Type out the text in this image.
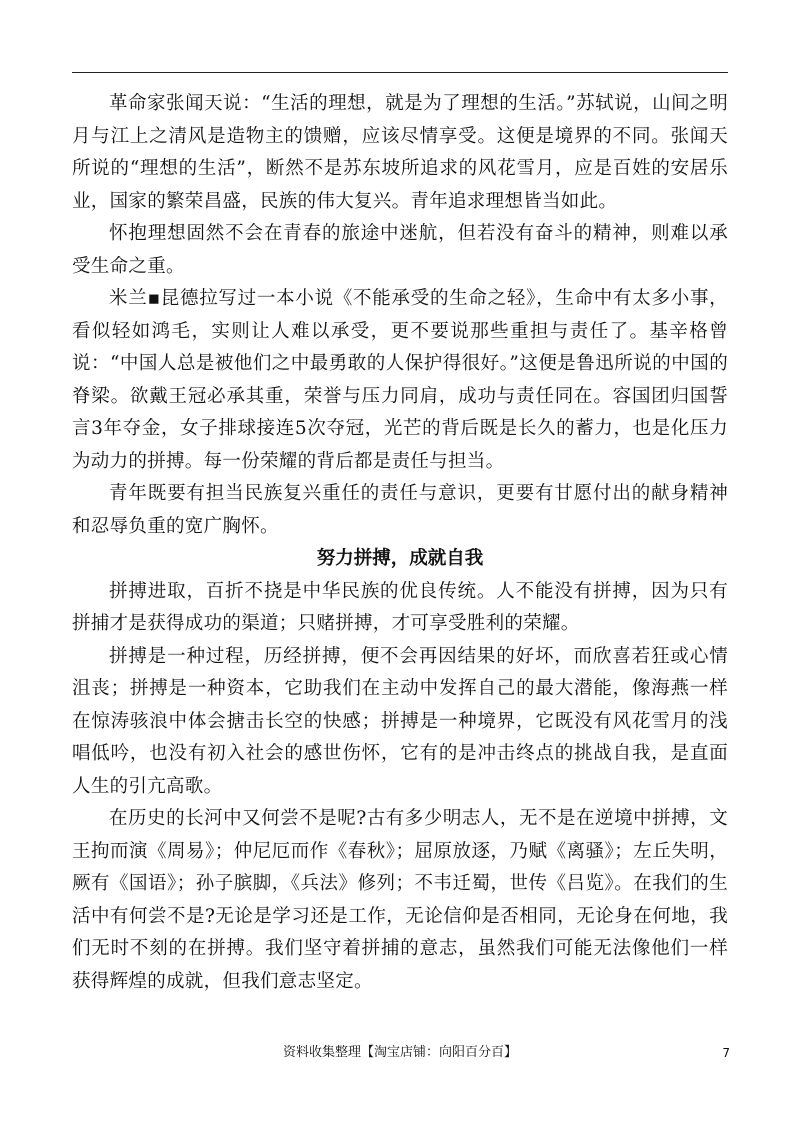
革命家张闻天说：“生活的理想，就是为了理想的生活。”苏轼说，山间之明月与江上之清风是造物主的馈赠，应该尽情享受。这便是境界的不同。张闻天所说的“理想的生活”，断然不是苏东坡所追求的风花雪月，应是百姓的安居乐业，国家的繁荣昌盛，民族的伟大复兴。青年追求理想皆当如此。

怀抱理想固然不会在青春的旅途中迷航，但若没有奋斗的精神，则难以承受生命之重。

米兰▪昆德拉写过一本小说《不能承受的生命之轻》，生命中有太多小事，看似轻如鸿毛，实则让人难以承受，更不要说那些重担与责任了。基辛格曾说：“中国人总是被他们之中最勇敢的人保护得很好。”这便是鲁迅所说的中国的脊梁。欲戴王冠必承其重，荣誉与压力同肩，成功与责任同在。容国团归国誓言3年夺金，女子排球接连5次夺冠，光芒的背后既是长久的蓄力，也是化压力为动力的拼搏。每一份荣耀的背后都是责任与担当。

青年既要有担当民族复兴重任的责任与意识，更要有甘愿付出的献身精神和忍辱负重的宽广胸怀。

努力拼搏，成就自我

拼搏进取，百折不挠是中华民族的优良传统。人不能没有拼搏，因为只有拼捕才是获得成功的渠道；只赌拼搏，才可享受胜利的荣耀。

拼搏是一种过程，历经拼搏，便不会再因结果的好坏，而欣喜若狂或心情沮丧；拼搏是一种资本，它助我们在主动中发挥自己的最大潜能，像海燕一样在惊涛骇浪中体会搪击长空的快感；拼搏是一种境界，它既没有风花雪月的浅唱低吟，也没有初入社会的感世伤怀，它有的是冲击终点的挑战自我，是直面人生的引亢高歌。

在历史的长河中又何尝不是呢?古有多少明志人，无不是在逆境中拼搏，文王拘而演《周易》；仲尼厄而作《春秋》；屈原放逐，乃赋《离骚》；左丘失明，厥有《国语》；孙子膑脚，《兵法》修列；不韦迁蜀，世传《吕览》。在我们的生活中有何尝不是?无论是学习还是工作，无论信仰是否相同，无论身在何地，我们无时不刻的在拼搏。我们坚守着拼捕的意志，虽然我们可能无法像他们一样获得辉煌的成就，但我们意志坚定。

资料收集整理【淘宝店铺：向阳百分百】	7
